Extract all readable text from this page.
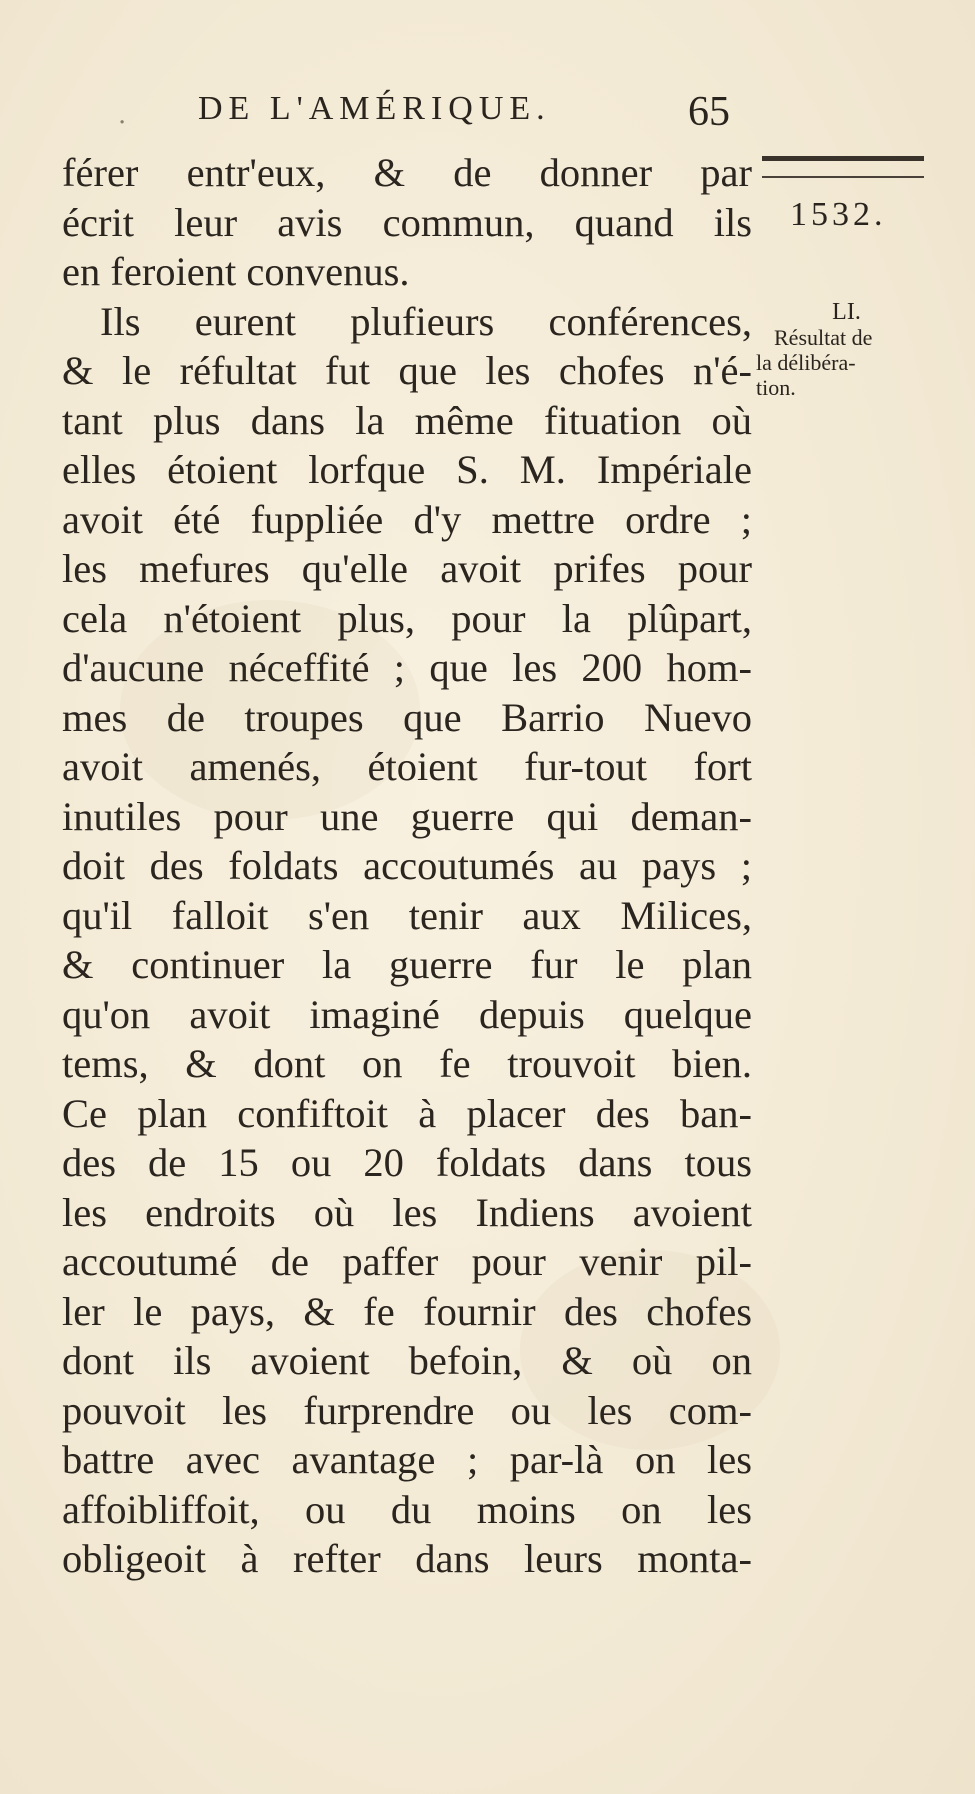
· DE L'AMÉRIQUE.	65
1532.
LI.
Résultat de
la délibéra-
tion.
férer entr'eux, & de donner par
écrit leur avis commun, quand ils
en feroient convenus.
Ils eurent plufieurs conférences,
& le réfultat fut que les chofes n'é-
tant plus dans la même fituation où
elles étoient lorfque S. M. Impériale
avoit été fuppliée d'y mettre ordre ;
les mefures qu'elle avoit prifes pour
cela n'étoient plus, pour la plûpart,
d'aucune néceffité ; que les 200 hom-
mes de troupes que Barrio Nuevo
avoit amenés, étoient fur-tout fort
inutiles pour une guerre qui deman-
doit des foldats accoutumés au pays ;
qu'il falloit s'en tenir aux Milices,
& continuer la guerre fur le plan
qu'on avoit imaginé depuis quelque
tems, & dont on fe trouvoit bien.
Ce plan confiftoit à placer des ban-
des de 15 ou 20 foldats dans tous
les endroits où les Indiens avoient
accoutumé de paffer pour venir pil-
ler le pays, & fe fournir des chofes
dont ils avoient befoin, & où on
pouvoit les furprendre ou les com-
battre avec avantage ; par-là on les
affoibliffoit, ou du moins on les
obligeoit à refter dans leurs monta-
